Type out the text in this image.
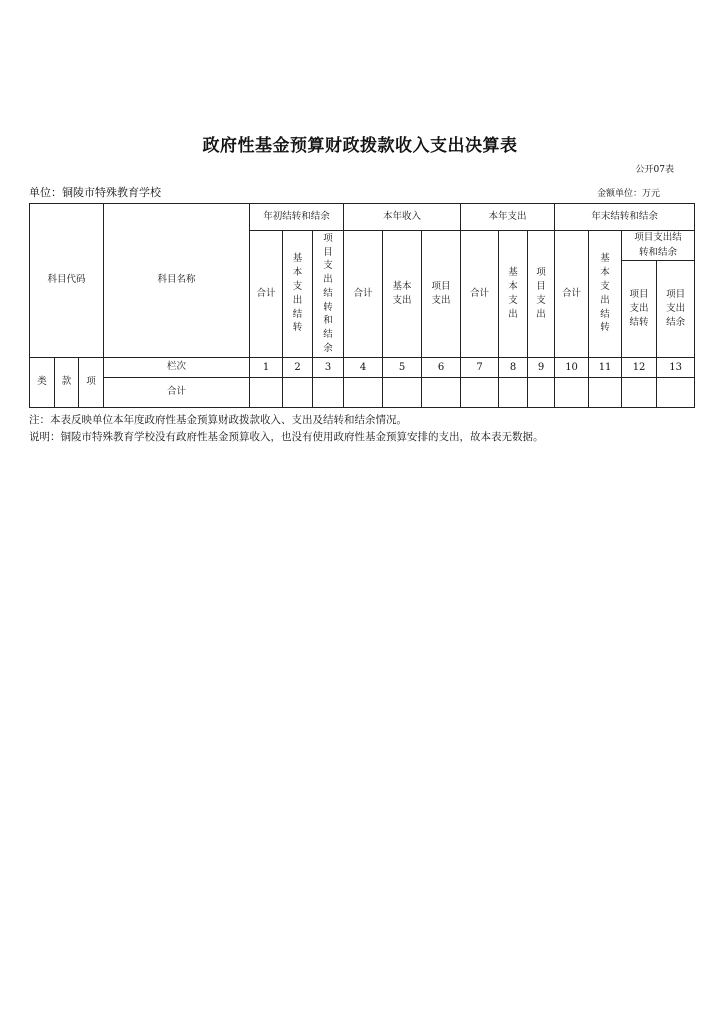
政府性基金预算财政拨款收入支出决算表
公开07表
单位：铜陵市特殊教育学校	金额单位：万元
科目代码			科目名称	年初结转和结余			本年收入			本年支出			年末结转和结余			
				合计	基本支出结转	项目支出结转和结余	合计	基本支出	项目支出	合计	基本支出	项目支出	合计	基本支出结转	项目支出结转和结余	
															项目支出结转	项目支出结余
类	款	项	栏次	1	2	3	4	5	6	7	8	9	10	11	12	13
			合计													
注：本表反映单位本年度政府性基金预算财政拨款收入、支出及结转和结余情况。
说明：铜陵市特殊教育学校没有政府性基金预算收入，也没有使用政府性基金预算安排的支出，故本表无数据。
